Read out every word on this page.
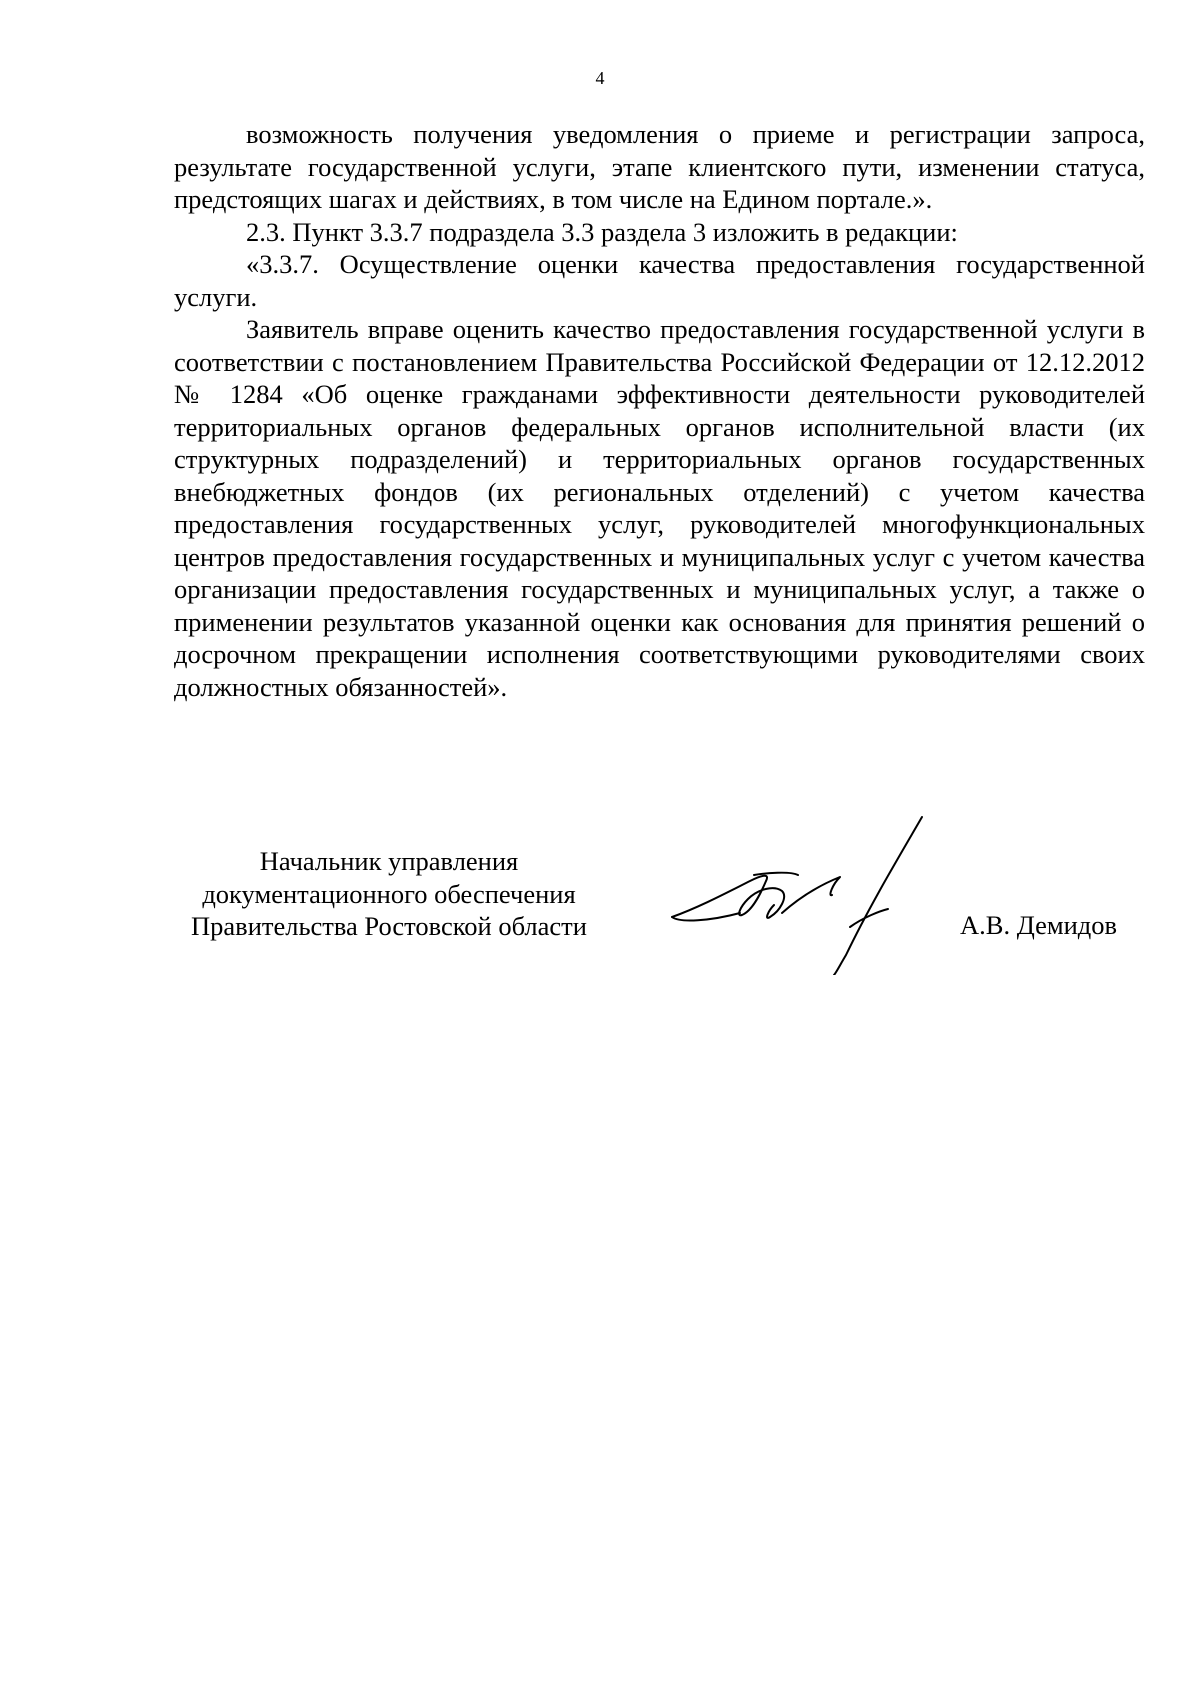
4

возможность получения уведомления о приеме и регистрации запроса, результате государственной услуги, этапе клиентского пути, изменении статуса, предстоящих шагах и действиях, в том числе на Едином портале.».

2.3. Пункт 3.3.7 подраздела 3.3 раздела 3 изложить в редакции:

«3.3.7. Осуществление оценки качества предоставления государственной услуги.

Заявитель вправе оценить качество предоставления государственной услуги в соответствии с постановлением Правительства Российской Федерации от 12.12.2012 № 1284 «Об оценке гражданами эффективности деятельности руководителей территориальных органов федеральных органов исполнительной власти (их структурных подразделений) и территориальных органов государственных внебюджетных фондов (их региональных отделений) с учетом качества предоставления государственных услуг, руководителей многофункциональных центров предоставления государственных и муниципальных услуг с учетом качества организации предоставления государственных и муниципальных услуг, а также о применении результатов указанной оценки как основания для принятия решений о досрочном прекращении исполнения соответствующими руководителями своих должностных обязанностей».

Начальник управления
документационного обеспечения
Правительства Ростовской области	А.В. Демидов
